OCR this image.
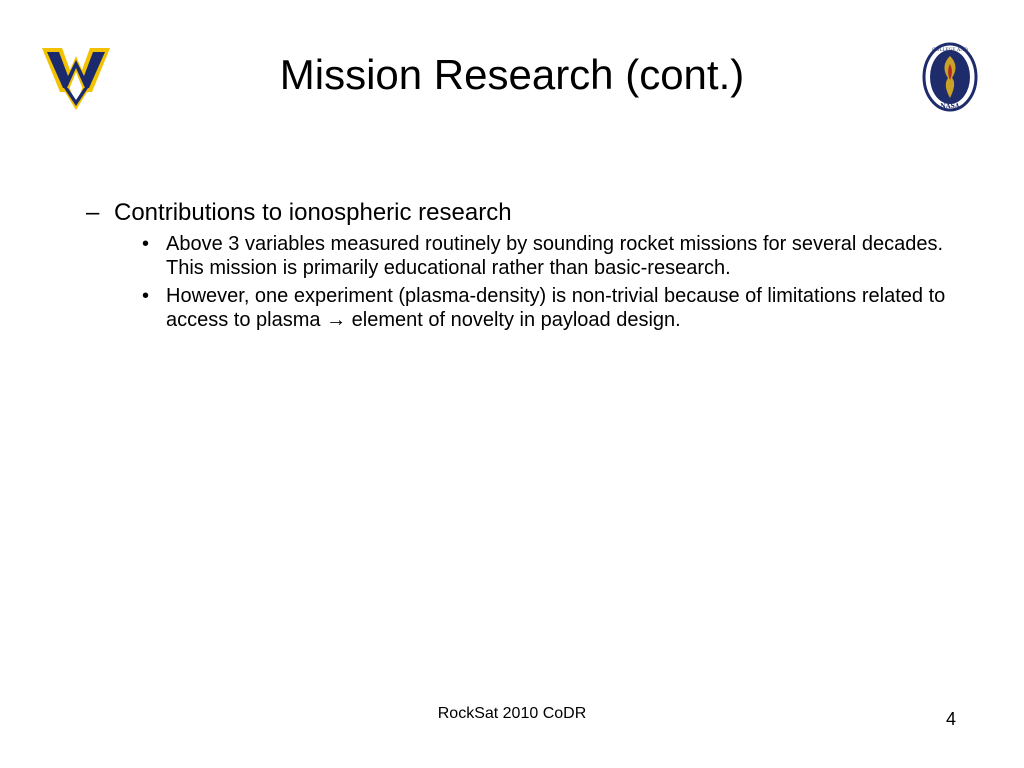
COLLEGE AND
NASA
Mission Research (cont.)
– Contributions to ionospheric research
• Above 3 variables measured routinely by sounding rocket missions for several decades. This mission is primarily educational rather than basic-research.
• However, one experiment (plasma-density) is non-trivial because of limitations related to access to plasma → element of novelty in payload design.
RockSat 2010 CoDR	4
